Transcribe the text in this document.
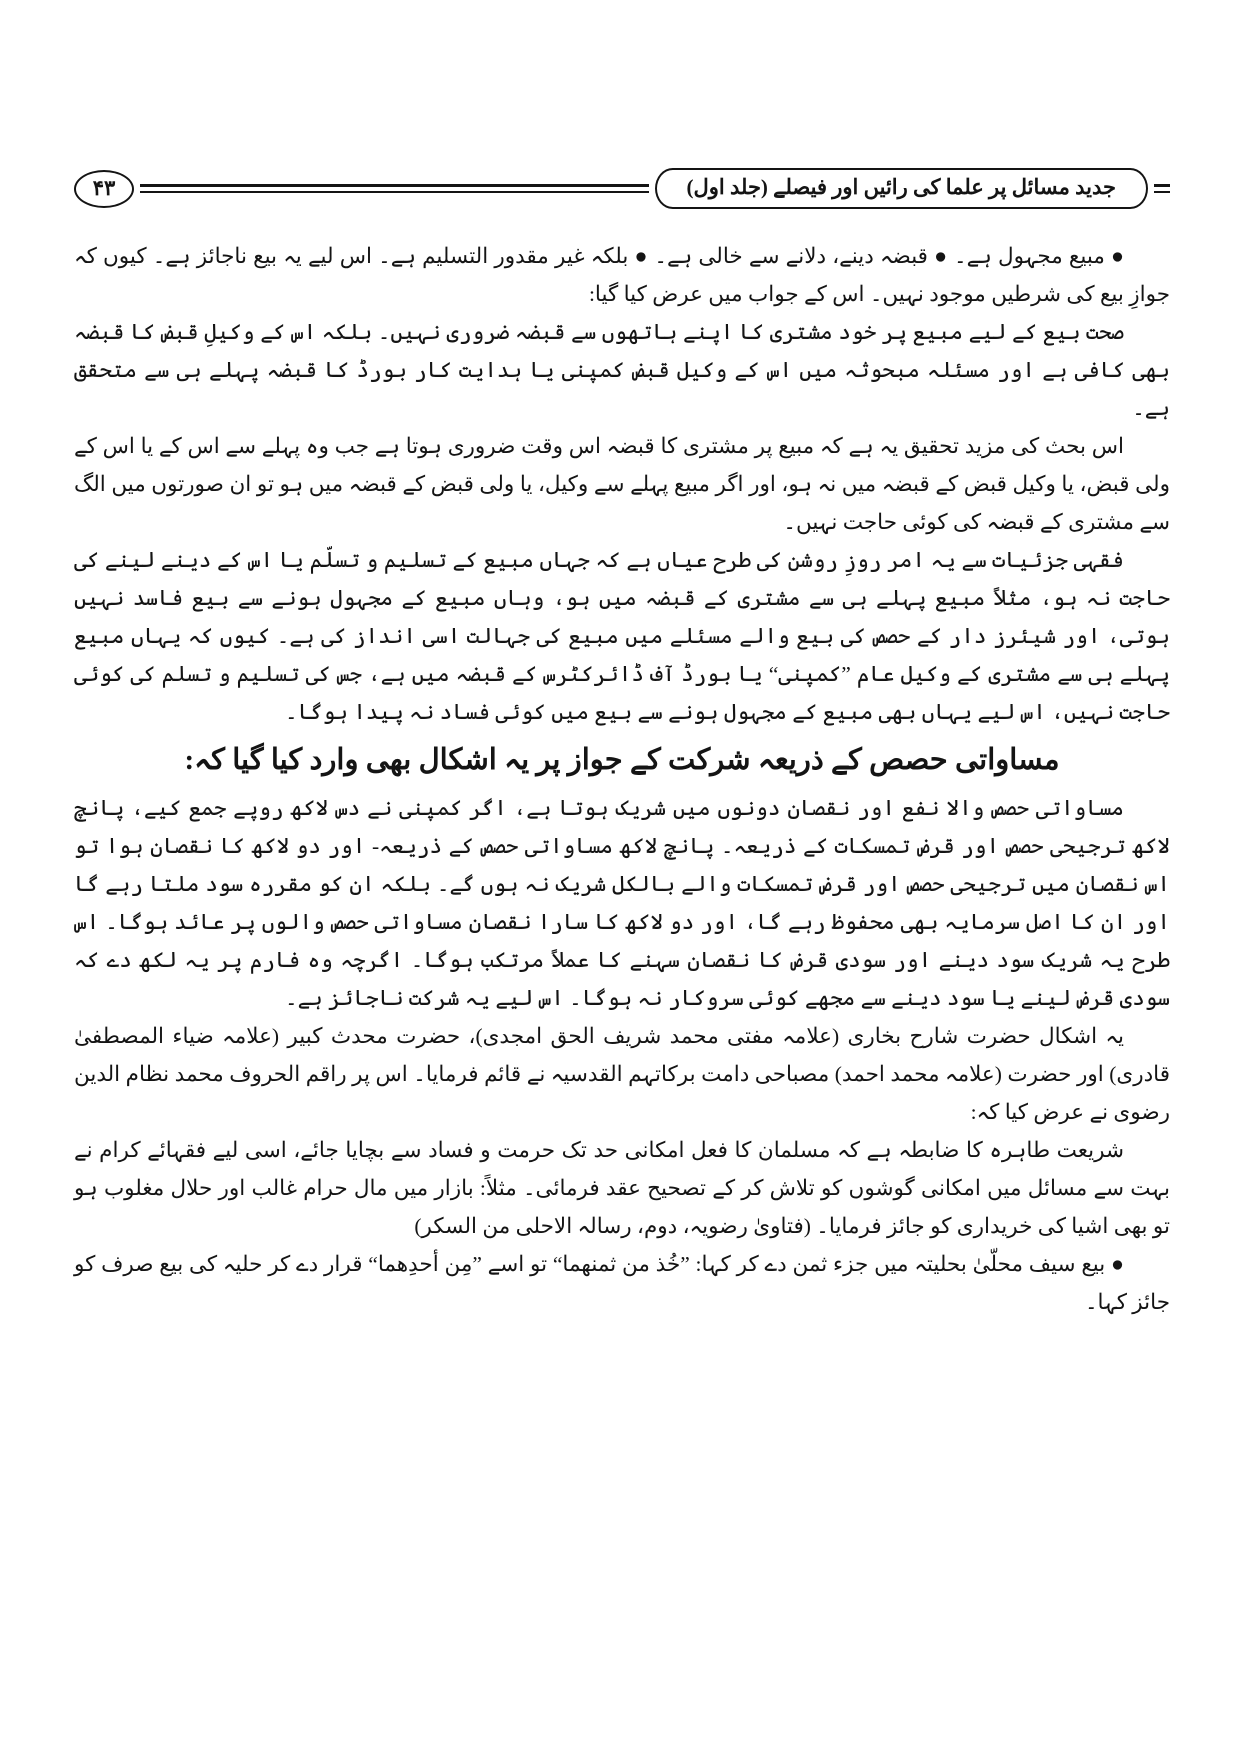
۴۳	جدید مسائل پر علما کی رائیں اور فیصلے (جلد اول)

● مبیع مجہول ہے۔ ● قبضہ دینے، دلانے سے خالی ہے۔ ● بلکہ غیر مقدور التسلیم ہے۔ اس لیے یہ بیع ناجائز ہے۔ کیوں کہ جوازِ بیع کی شرطیں موجود نہیں۔ اس کے جواب میں عرض کیا گیا:

صحت بیع کے لیے مبیع پر خود مشتری کا اپنے ہاتھوں سے قبضہ ضروری نہیں۔ بلکہ اس کے وکیلِ قبض کا قبضہ بھی کافی ہے اور مسئلہ مبحوثہ میں اس کے وکیل قبض کمپنی یا ہدایت کار بورڈ کا قبضہ پہلے ہی سے متحقق ہے۔

اس بحث کی مزید تحقیق یہ ہے کہ مبیع پر مشتری کا قبضہ اس وقت ضروری ہوتا ہے جب وہ پہلے سے اس کے یا اس کے ولی قبض، یا وکیل قبض کے قبضہ میں نہ ہو، اور اگر مبیع پہلے سے وکیل، یا ولی قبض کے قبضہ میں ہو تو ان صورتوں میں الگ سے مشتری کے قبضہ کی کوئی حاجت نہیں۔

فقہی جزئیات سے یہ امر روزِ روشن کی طرح عیاں ہے کہ جہاں مبیع کے تسلیم و تسلّم یا اس کے دینے لینے کی حاجت نہ ہو، مثلاً مبیع پہلے ہی سے مشتری کے قبضہ میں ہو، وہاں مبیع کے مجہول ہونے سے بیع فاسد نہیں ہوتی، اور شیئرز دار کے حصص کی بیع والے مسئلے میں مبیع کی جہالت اسی انداز کی ہے۔ کیوں کہ یہاں مبیع پہلے ہی سے مشتری کے وکیل عام ”کمپنی“ یا بورڈ آف ڈائرکٹرس کے قبضہ میں ہے، جس کی تسلیم و تسلم کی کوئی حاجت نہیں، اس لیے یہاں بھی مبیع کے مجہول ہونے سے بیع میں کوئی فساد نہ پیدا ہوگا۔

مساواتی حصص کے ذریعہ شرکت کے جواز پر یہ اشکال بھی وارد کیا گیا کہ:

مساواتی حصص والا نفع اور نقصان دونوں میں شریک ہوتا ہے، اگر کمپنی نے دس لاکھ روپے جمع کیے، پانچ لاکھ ترجیحی حصص اور قرض تمسکات کے ذریعہ۔ پانچ لاکھ مساواتی حصص کے ذریعہ- اور دو لاکھ کا نقصان ہوا تو اس نقصان میں ترجیحی حصص اور قرض تمسکات والے بالکل شریک نہ ہوں گے۔ بلکہ ان کو مقررہ سود ملتا رہے گا اور ان کا اصل سرمایہ بھی محفوظ رہے گا، اور دو لاکھ کا سارا نقصان مساواتی حصص والوں پر عائد ہوگا۔ اس طرح یہ شریک سود دینے اور سودی قرض کا نقصان سہنے کا عملاً مرتکب ہوگا۔ اگرچہ وہ فارم پر یہ لکھ دے کہ سودی قرض لینے یا سود دینے سے مجھے کوئی سروکار نہ ہوگا۔ اس لیے یہ شرکت ناجائز ہے۔

یہ اشکال حضرت شارح بخاری (علامہ مفتی محمد شریف الحق امجدی)، حضرت محدث کبیر (علامہ ضیاء المصطفیٰ قادری) اور حضرت (علامہ محمد احمد) مصباحی دامت برکاتہم القدسیہ نے قائم فرمایا۔ اس پر راقم الحروف محمد نظام الدین رضوی نے عرض کیا کہ:

شریعت طاہرہ کا ضابطہ ہے کہ مسلمان کا فعل امکانی حد تک حرمت و فساد سے بچایا جائے، اسی لیے فقہائے کرام نے بہت سے مسائل میں امکانی گوشوں کو تلاش کر کے تصحیح عقد فرمائی۔ مثلاً: بازار میں مال حرام غالب اور حلال مغلوب ہو تو بھی اشیا کی خریداری کو جائز فرمایا۔ (فتاویٰ رضویہ، دوم، رسالہ الاحلی من السکر)

● بیع سیف محلّیٰ بحلیتہ میں جزء ثمن دے کر کہا: ”خُذ من ثمنھما“ تو اسے ”مِن أحدِھما“ قرار دے کر حلیہ کی بیع صرف کو جائز کہا۔
